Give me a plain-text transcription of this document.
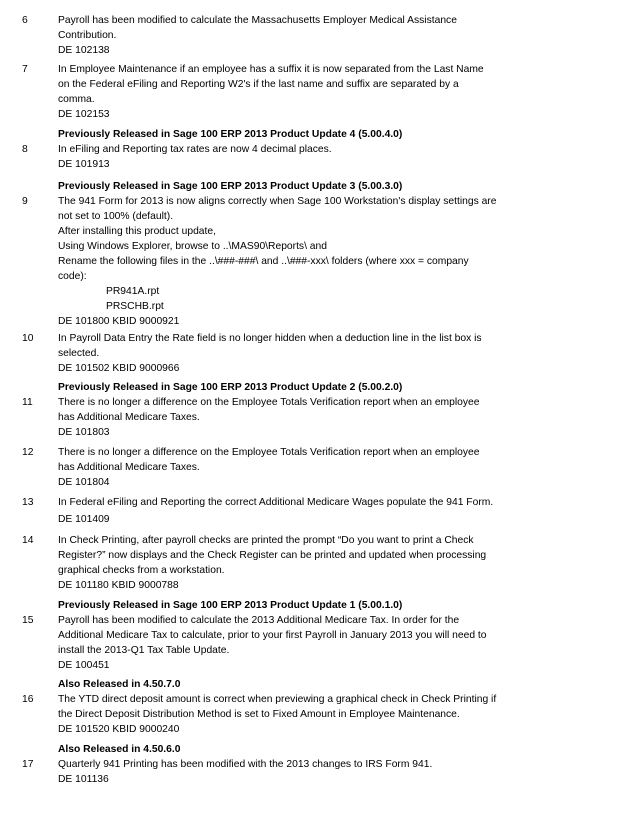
6	Payroll has been modified to calculate the Massachusetts Employer Medical Assistance
Contribution.
DE 102138
7	In Employee Maintenance if an employee has a suffix it is now separated from the Last Name
on the Federal eFiling and Reporting W2's if the last name and suffix are separated by a
comma.
DE 102153
Previously Released in Sage 100 ERP 2013 Product Update 4 (5.00.4.0)
In eFiling and Reporting tax rates are now 4 decimal places.
DE 101913
8
Previously Released in Sage 100 ERP 2013 Product Update 3 (5.00.3.0)
The 941 Form for 2013 is now aligns correctly when Sage 100 Workstation's display settings are
not set to 100% (default).
After installing this product update,
Using Windows Explorer, browse to ..\MAS90\Reports\ and
Rename the following files in the ..\###-###\ and ..\###-xxx\ folders (where xxx = company
code):
PR941A.rpt
PRSCHB.rpt
DE 101800 KBID 9000921
9
10 In Payroll Data Entry the Rate field is no longer hidden when a deduction line in the list box is
selected.
DE 101502 KBID 9000966
Previously Released in Sage 100 ERP 2013 Product Update 2 (5.00.2.0)
There is no longer a difference on the Employee Totals Verification report when an employee
has Additional Medicare Taxes.
DE 101803
11
12 There is no longer a difference on the Employee Totals Verification report when an employee
has Additional Medicare Taxes.
DE 101804
13 In Federal eFiling and Reporting the correct Additional Medicare Wages populate the 941 Form.
DE 101409
14 In Check Printing, after payroll checks are printed the prompt “Do you want to print a Check
Register?” now displays and the Check Register can be printed and updated when processing
graphical checks from a workstation.
DE 101180 KBID 9000788
Previously Released in Sage 100 ERP 2013 Product Update 1 (5.00.1.0)
Payroll has been modified to calculate the 2013 Additional Medicare Tax. In order for the
Additional Medicare Tax to calculate, prior to your first Payroll in January 2013 you will need to
install the 2013-Q1 Tax Table Update.
DE 100451
15
Also Released in 4.50.7.0
The YTD direct deposit amount is correct when previewing a graphical check in Check Printing if
the Direct Deposit Distribution Method is set to Fixed Amount in Employee Maintenance.
DE 101520 KBID 9000240
16
Also Released in 4.50.6.0
Quarterly 941 Printing has been modified with the 2013 changes to IRS Form 941.
DE 101136
17
